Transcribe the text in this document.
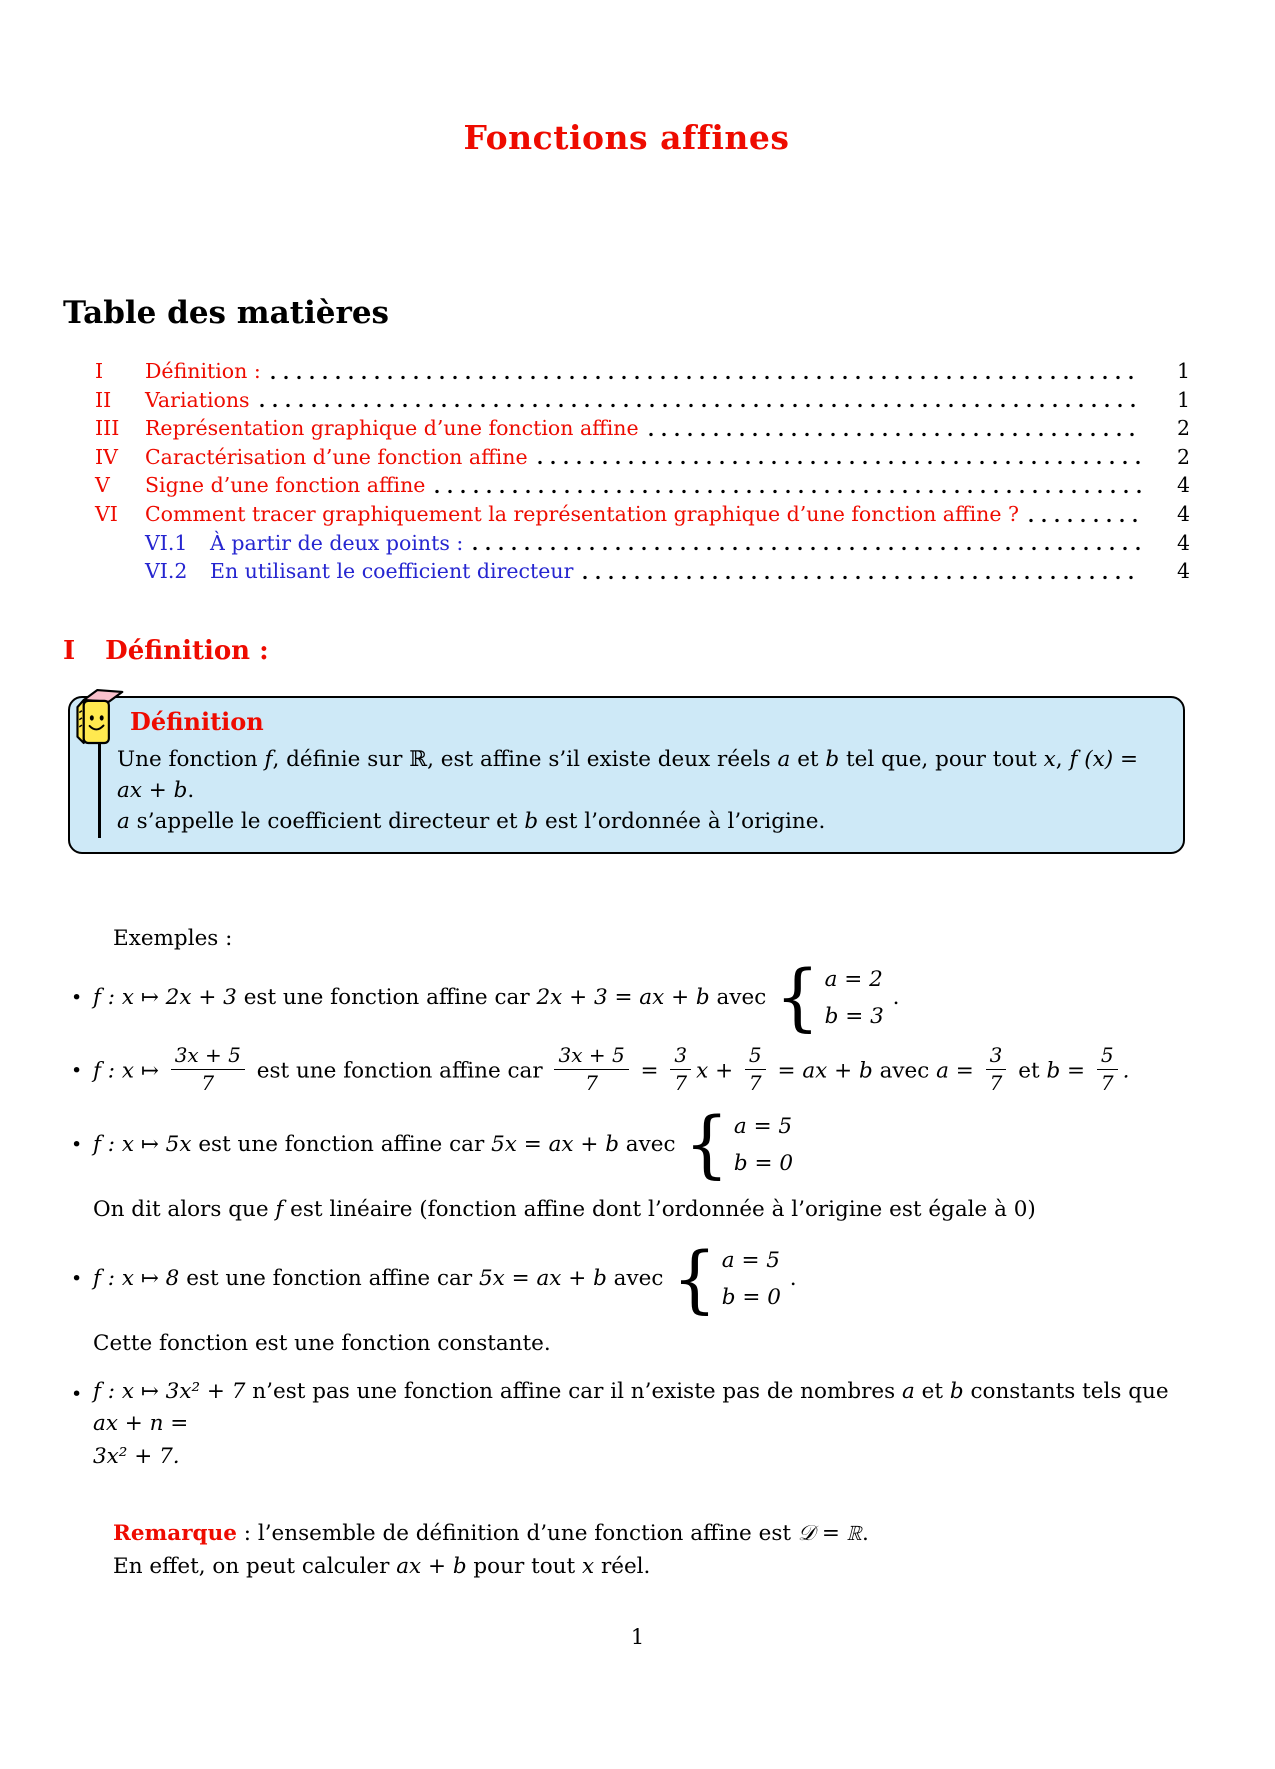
Fonctions affines
Table des matières
I	Définition :	1
II	Variations	1
III	Représentation graphique d’une fonction affine	2
IV	Caractérisation d’une fonction affine	2
V	Signe d’une fonction affine	4
VI	Comment tracer graphiquement la représentation graphique d’une fonction affine ?	4
VI.1	À partir de deux points :	4
VI.2	En utilisant le coefficient directeur	4
I Définition :
Définition
Une fonction f, définie sur ℝ, est affine s’il existe deux réels a et b tel que, pour tout x, f (x) = ax + b.
a s’appelle le coefficient directeur et b est l’ordonnée à l’origine.
Exemples :
• f : x ↦ 2x + 3 est une fonction affine car 2x + 3 = ax + b avec { a = 2
b = 3
.
• f : x ↦ $\frac{3x + 5}{7}$ est une fonction affine car $\frac{3x + 5}{7} = \frac{3}{7}$ $x + \frac{5}{7}$ = ax + b avec $a = \frac{3}{7}$ et $b = \frac{5}{7}$ .
• f : x ↦ 5x est une fonction affine car 5x = ax + b avec { a = 5
b = 0
On dit alors que f est linéaire (fonction affine dont l’ordonnée à l’origine est égale à 0)
• f : x ↦ 8 est une fonction affine car 5x = ax + b avec { a = 5
b = 0
.
Cette fonction est une fonction constante.
• f : x ↦ 3x² + 7 n’est pas une fonction affine car il n’existe pas de nombres a et b constants tels que ax + n =
3x² + 7.
Remarque : l’ensemble de définition d’une fonction affine est 𝒟 = ℝ.
En effet, on peut calculer ax + b pour tout x réel.
1
